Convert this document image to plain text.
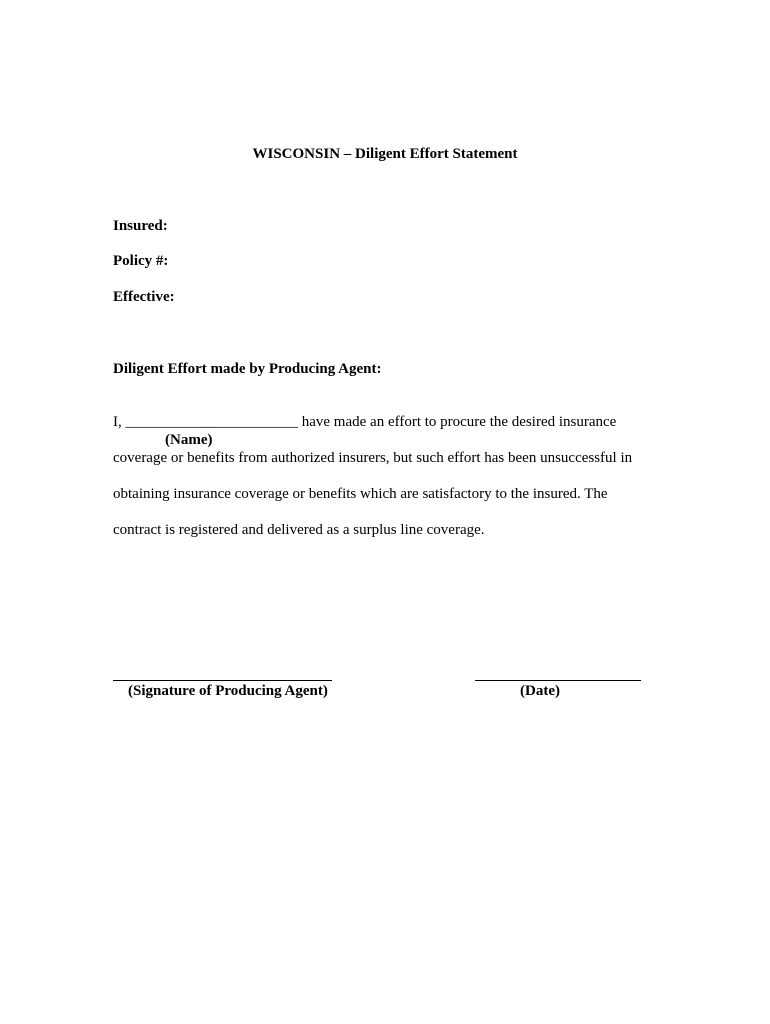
WISCONSIN – Diligent Effort Statement
Insured:
Policy #:
Effective:
Diligent Effort made by Producing Agent:
I, _______________________ have made an effort to procure the desired insurance
(Name)
coverage or benefits from authorized insurers, but such effort has been unsuccessful in
obtaining insurance coverage or benefits which are satisfactory to the insured. The
contract is registered and delivered as a surplus line coverage.
(Signature of Producing Agent)	(Date)
